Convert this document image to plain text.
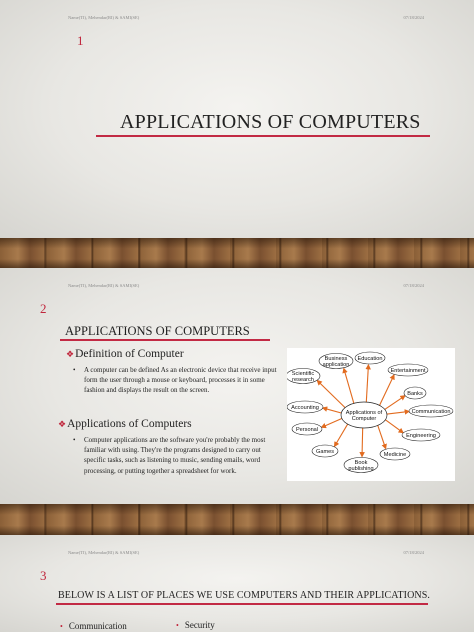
Name(TI), Mehendar(RI) & SAMI(SE)	07/18/2024
1
APPLICATIONS OF COMPUTERS
Name(TI), Mehendar(RI) & SAMI(SE)	07/18/2024
2
APPLICATIONS OF COMPUTERS
❖Definition of Computer
• A computer can be defined As an electronic device that receive input form the user through a mouse or keyboard, processes it in some fashion and displays the result on the screen.
❖Applications of Computers
• Computer applications are the software you're probably the most familiar with using. They're the programs designed to carry out specific tasks, such as listening to music, sending emails, word processing, or putting together a spreadsheet for work.
Business application
Education
Entertainment
Banks
Communication
Engineering
Medicine
Book publishing
Games
Personal
Accounting
Scientific research
Applications of Computer
Name(TI), Mehendar(RI) & SAMI(SE)	07/18/2024
3
BELOW IS A LIST OF PLACES WE USE COMPUTERS AND THEIR APPLICATIONS.
• Communication	• Security
